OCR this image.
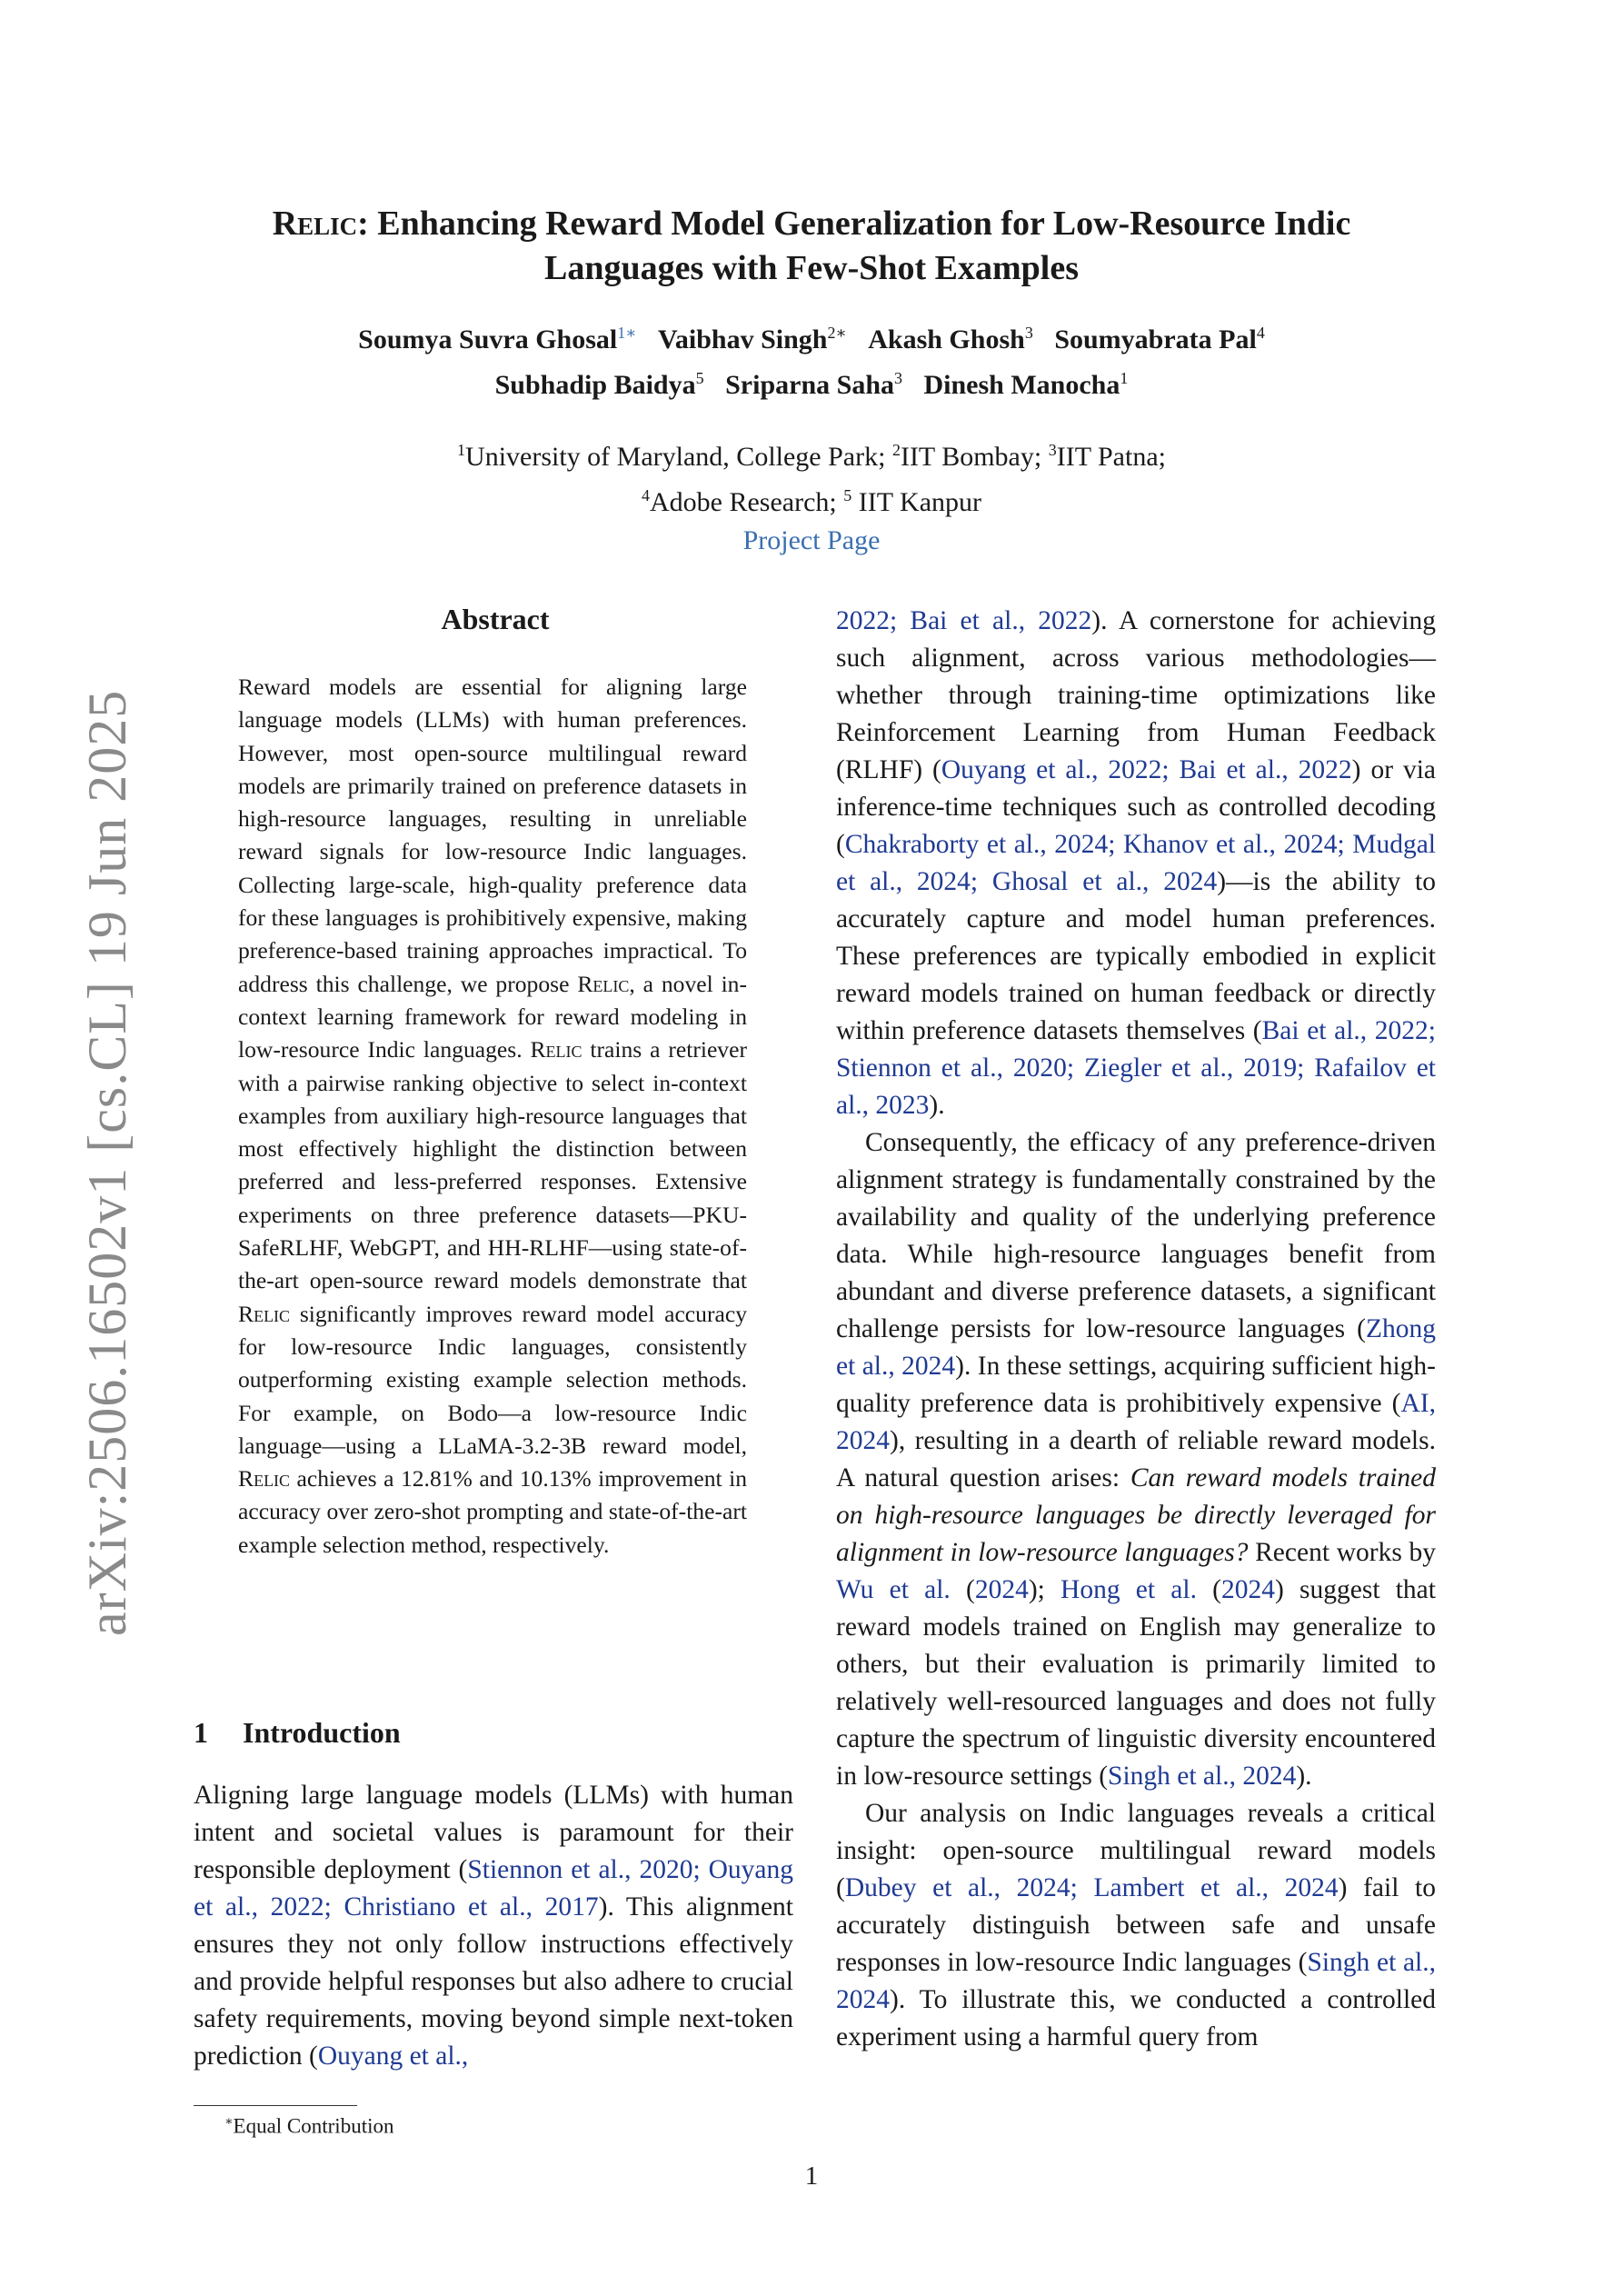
Relic: Enhancing Reward Model Generalization for Low-Resource Indic
Languages with Few-Shot Examples
Soumya Suvra Ghosal$^{1∗}$ Vaibhav Singh$^{2∗}$ Akash Ghosh$^3$ Soumyabrata Pal$^4$
Subhadip Baidya$^5$ Sriparna Saha$^3$ Dinesh Manocha$^1$
$^1$University of Maryland, College Park; $^2$IIT Bombay; $^3$IIT Patna;
$^4$Adobe Research; $^5$ IIT Kanpur
Project Page
arXiv:2506.16502v1 [cs.CL] 19 Jun 2025
Abstract

Reward models are essential for aligning large language models (LLMs) with human preferences. However, most open-source multilingual reward models are primarily trained on preference datasets in high-resource languages, resulting in unreliable reward signals for low-resource Indic languages. Collecting large-scale, high-quality preference data for these languages is prohibitively expensive, making preference-based training approaches impractical. To address this challenge, we propose Relic, a novel in-context learning framework for reward modeling in low-resource Indic languages. Relic trains a retriever with a pairwise ranking objective to select in-context examples from auxiliary high-resource languages that most effectively highlight the distinction between preferred and less-preferred responses. Extensive experiments on three preference datasets—PKU-SafeRLHF, WebGPT, and HH-RLHF—using state-of-the-art open-source reward models demonstrate that Relic significantly improves reward model accuracy for low-resource Indic languages, consistently outperforming existing example selection methods. For example, on Bodo—a low-resource Indic language—using a LLaMA-3.2-3B reward model, Relic achieves a 12.81% and 10.13% improvement in accuracy over zero-shot prompting and state-of-the-art example selection method, respectively.

1 Introduction

Aligning large language models (LLMs) with human intent and societal values is paramount for their responsible deployment (Stiennon et al., 2020; Ouyang et al., 2022; Christiano et al., 2017). This alignment ensures they not only follow instructions effectively and provide helpful responses but also adhere to crucial safety requirements, moving beyond simple next-token prediction (Ouyang et al.,

2022; Bai et al., 2022). A cornerstone for achieving such alignment, across various methodologies—whether through training-time optimizations like Reinforcement Learning from Human Feedback (RLHF) (Ouyang et al., 2022; Bai et al., 2022) or via inference-time techniques such as controlled decoding (Chakraborty et al., 2024; Khanov et al., 2024; Mudgal et al., 2024; Ghosal et al., 2024)—is the ability to accurately capture and model human preferences. These preferences are typically embodied in explicit reward models trained on human feedback or directly within preference datasets themselves (Bai et al., 2022; Stiennon et al., 2020; Ziegler et al., 2019; Rafailov et al., 2023).

Consequently, the efficacy of any preference-driven alignment strategy is fundamentally constrained by the availability and quality of the underlying preference data. While high-resource languages benefit from abundant and diverse preference datasets, a significant challenge persists for low-resource languages (Zhong et al., 2024). In these settings, acquiring sufficient high-quality preference data is prohibitively expensive (AI, 2024), resulting in a dearth of reliable reward models. A natural question arises: Can reward models trained on high-resource languages be directly leveraged for alignment in low-resource languages? Recent works by Wu et al. (2024); Hong et al. (2024) suggest that reward models trained on English may generalize to others, but their evaluation is primarily limited to relatively well-resourced languages and does not fully capture the spectrum of linguistic diversity encountered in low-resource settings (Singh et al., 2024).

Our analysis on Indic languages reveals a critical insight: open-source multilingual reward models (Dubey et al., 2024; Lambert et al., 2024) fail to accurately distinguish between safe and unsafe responses in low-resource Indic languages (Singh et al., 2024). To illustrate this, we conducted a controlled experiment using a harmful query from

∗Equal Contribution
1
